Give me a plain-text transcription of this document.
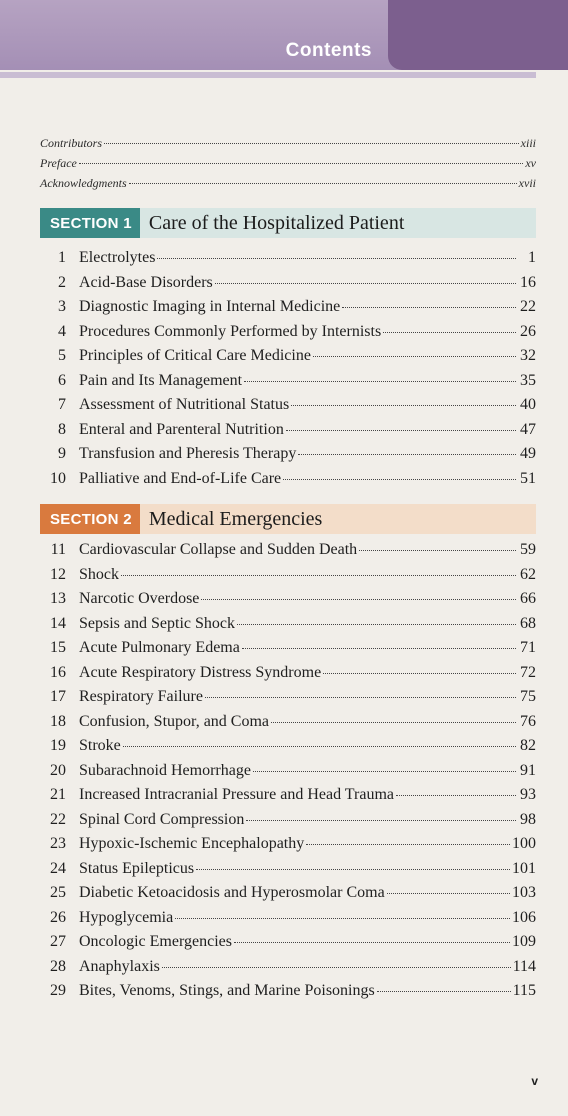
Contents
Contributors	xiii
Preface	xv
Acknowledgments	xvii
SECTION 1 Care of the Hospitalized Patient
1 Electrolytes	1
2 Acid-Base Disorders	16
3 Diagnostic Imaging in Internal Medicine	22
4 Procedures Commonly Performed by Internists	26
5 Principles of Critical Care Medicine	32
6 Pain and Its Management	35
7 Assessment of Nutritional Status	40
8 Enteral and Parenteral Nutrition	47
9 Transfusion and Pheresis Therapy	49
10 Palliative and End-of-Life Care	51
SECTION 2 Medical Emergencies
11 Cardiovascular Collapse and Sudden Death	59
12 Shock	62
13 Narcotic Overdose	66
14 Sepsis and Septic Shock	68
15 Acute Pulmonary Edema	71
16 Acute Respiratory Distress Syndrome	72
17 Respiratory Failure	75
18 Confusion, Stupor, and Coma	76
19 Stroke	82
20 Subarachnoid Hemorrhage	91
21 Increased Intracranial Pressure and Head Trauma	93
22 Spinal Cord Compression	98
23 Hypoxic-Ischemic Encephalopathy	100
24 Status Epilepticus	101
25 Diabetic Ketoacidosis and Hyperosmolar Coma	103
26 Hypoglycemia	106
27 Oncologic Emergencies	109
28 Anaphylaxis	114
29 Bites, Venoms, Stings, and Marine Poisonings	115
v
